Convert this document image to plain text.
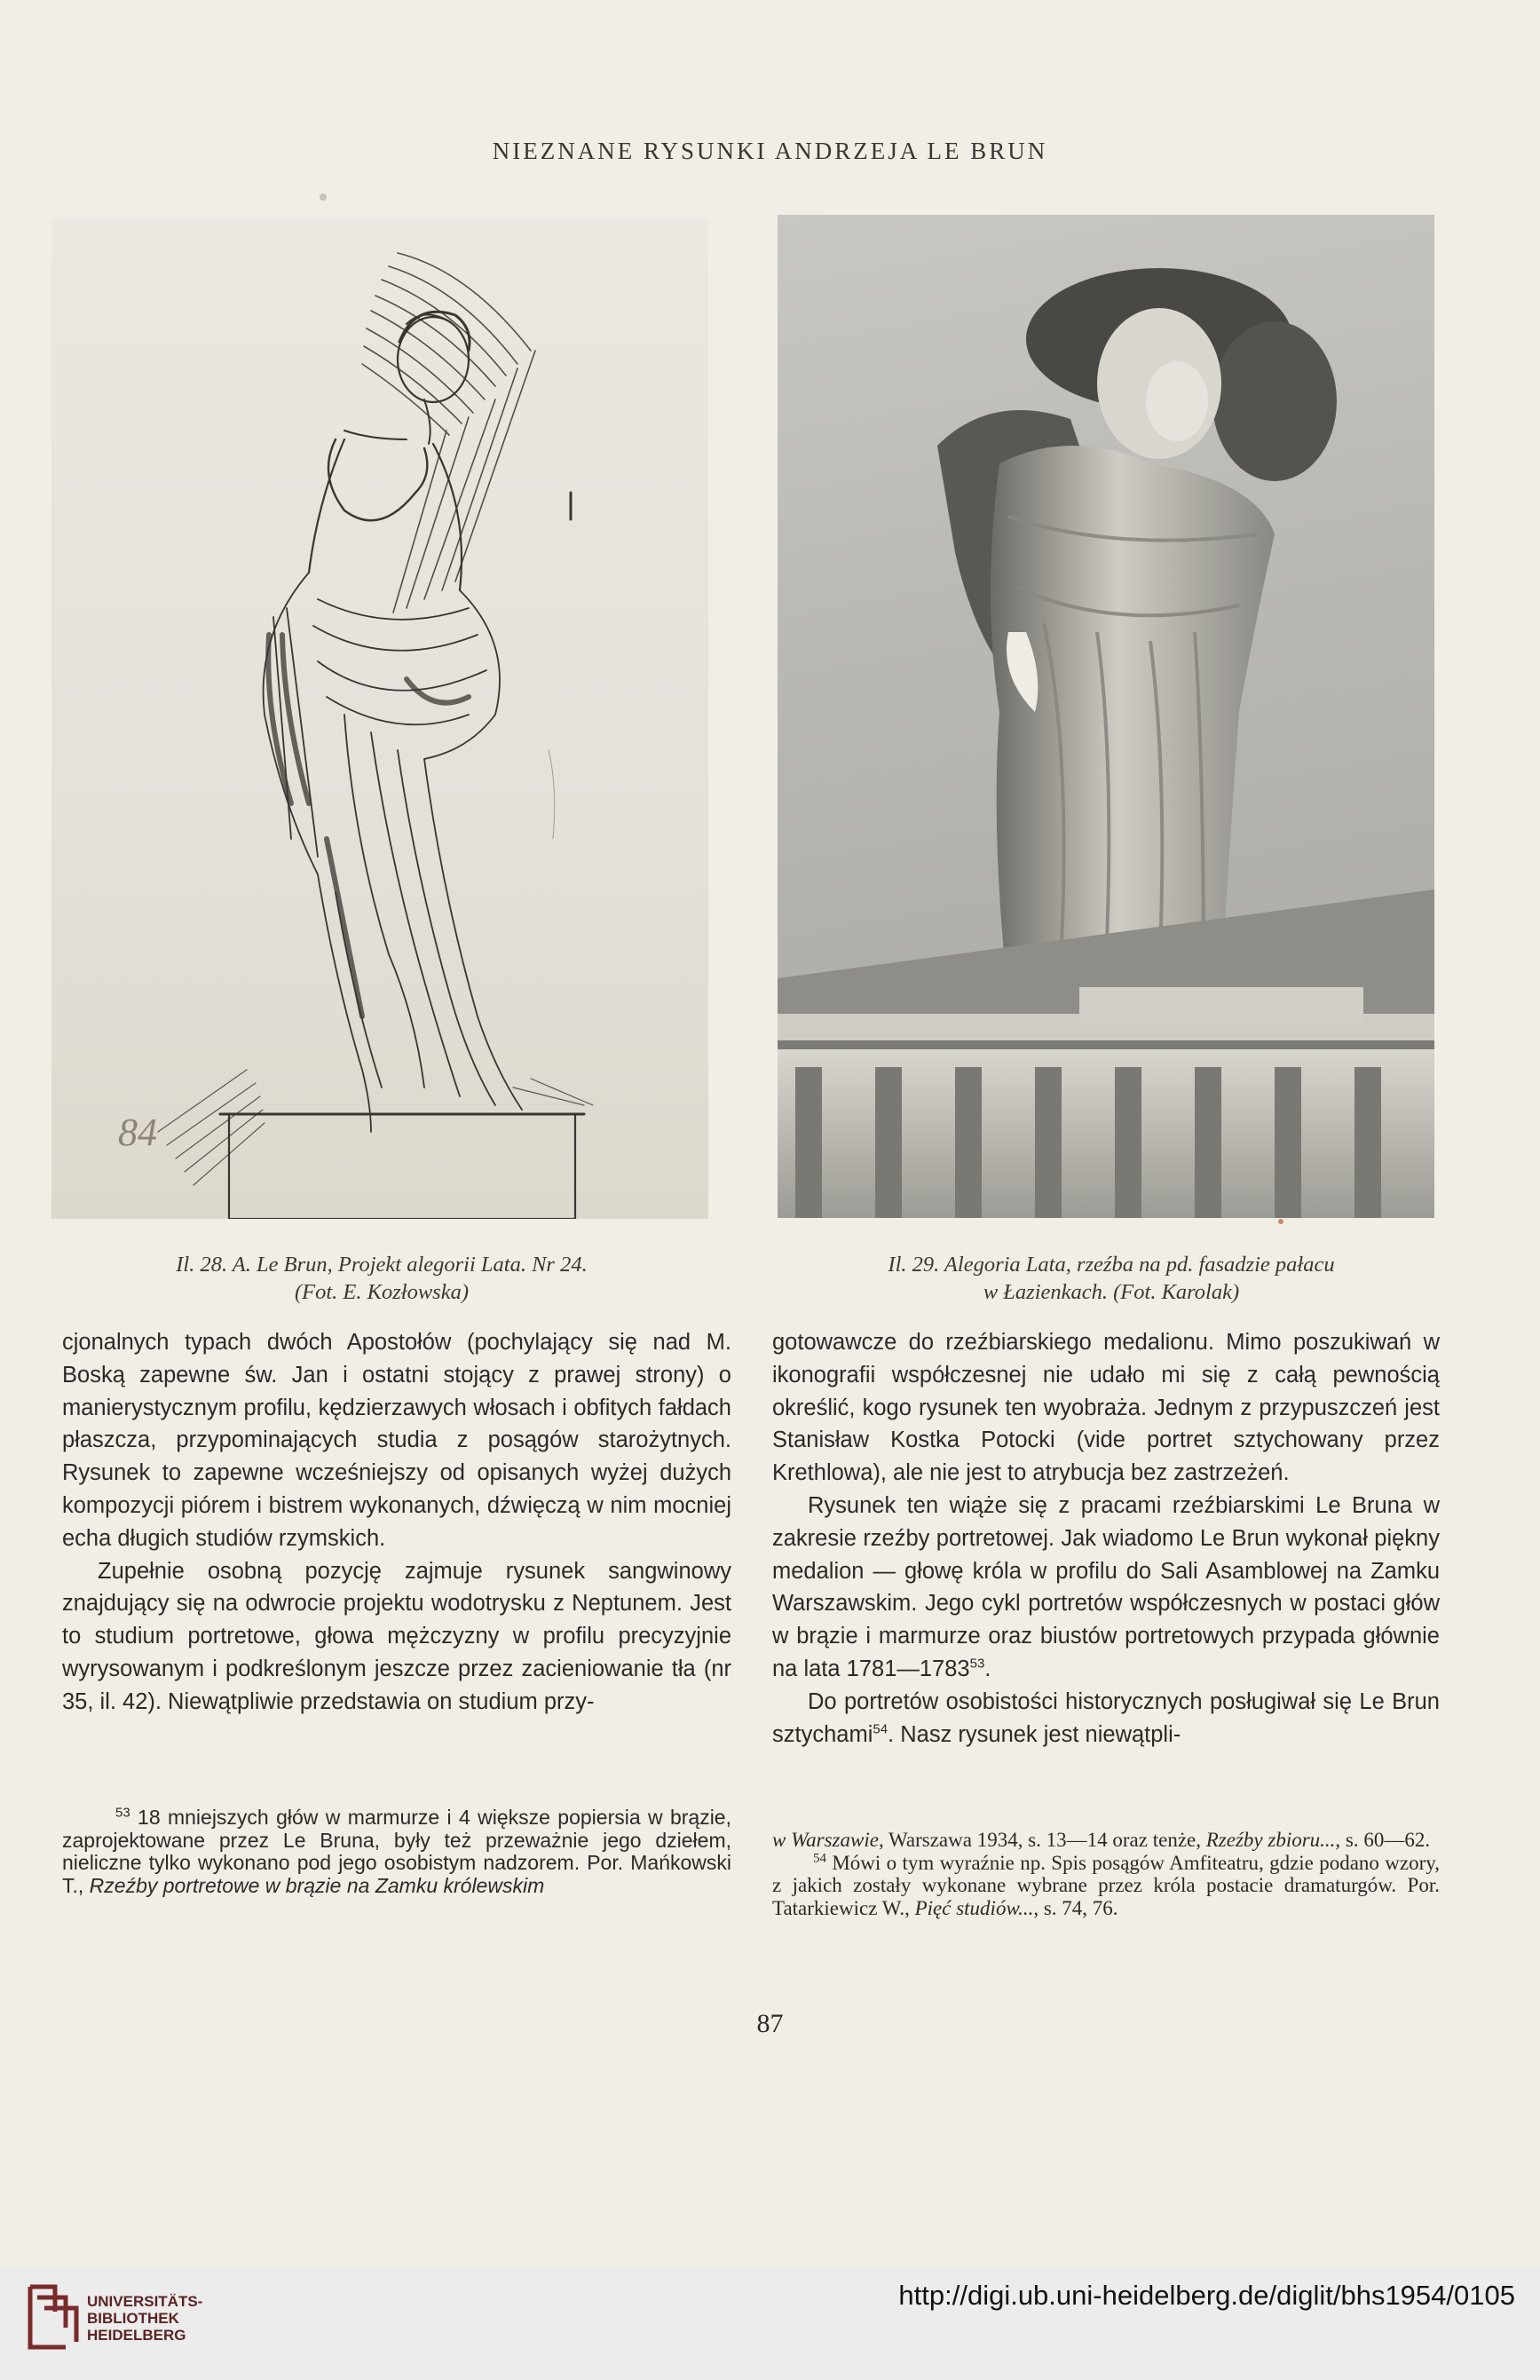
NIEZNANE RYSUNKI ANDRZEJA LE BRUN
84
Il. 28. A. Le Brun, Projekt alegorii Lata. Nr 24.
(Fot. E. Kozłowska)
Il. 29. Alegoria Lata, rzeźba na pd. fasadzie pałacu
w Łazienkach. (Fot. Karolak)

cjonalnych typach dwóch Apostołów (pochylający się nad M. Boską zapewne św. Jan i ostatni stojący z prawej strony) o manierystycznym profilu, kędzierzawych włosach i obfitych fałdach płaszcza, przypominających studia z posągów starożytnych. Rysunek to zapewne wcześniejszy od opisanych wyżej dużych kompozycji piórem i bistrem wykonanych, dźwięczą w nim mocniej echa długich studiów rzymskich.

Zupełnie osobną pozycję zajmuje rysunek sangwinowy znajdujący się na odwrocie projektu wodotrysku z Neptunem. Jest to studium portretowe, głowa mężczyzny w profilu precyzyjnie wyrysowanym i podkreślonym jeszcze przez zacieniowanie tła (nr 35, il. 42). Niewątpliwie przedstawia on studium przy-

gotowawcze do rzeźbiarskiego medalionu. Mimo poszukiwań w ikonografii współczesnej nie udało mi się z całą pewnością określić, kogo rysunek ten wyobraża. Jednym z przypuszczeń jest Stanisław Kostka Potocki (vide portret sztychowany przez Krethlowa), ale nie jest to atrybucja bez zastrzeżeń.

Rysunek ten wiąże się z pracami rzeźbiarskimi Le Bruna w zakresie rzeźby portretowej. Jak wiadomo Le Brun wykonał piękny medalion — głowę króla w profilu do Sali Asamblowej na Zamku Warszawskim. Jego cykl portretów współczesnych w postaci głów w brązie i marmurze oraz biustów portretowych przypada głównie na lata 1781—1783$^{53}$.

Do portretów osobistości historycznych posługiwał się Le Brun sztychami$^{54}$. Nasz rysunek jest niewątpli-

$^{53}$ 18 mniejszych głów w marmurze i 4 większe popiersia w brązie, zaprojektowane przez Le Bruna, były też przeważnie jego dziełem, nieliczne tylko wykonano pod jego osobistym nadzorem. Por. Mańkowski T., Rzeźby portretowe w brązie na Zamku królewskim

w Warszawie, Warszawa 1934, s. 13—14 oraz tenże, Rzeźby zbioru..., s. 60—62.

$^{54}$ Mówi o tym wyraźnie np. Spis posągów Amfiteatru, gdzie podano wzory, z jakich zostały wykonane wybrane przez króla postacie dramaturgów. Por. Tatarkiewicz W., Pięć studiów..., s. 74, 76.

87
UNIVERSITÄTS-
BIBLIOTHEK
HEIDELBERG
http://digi.ub.uni-heidelberg.de/diglit/bhs1954/0105
